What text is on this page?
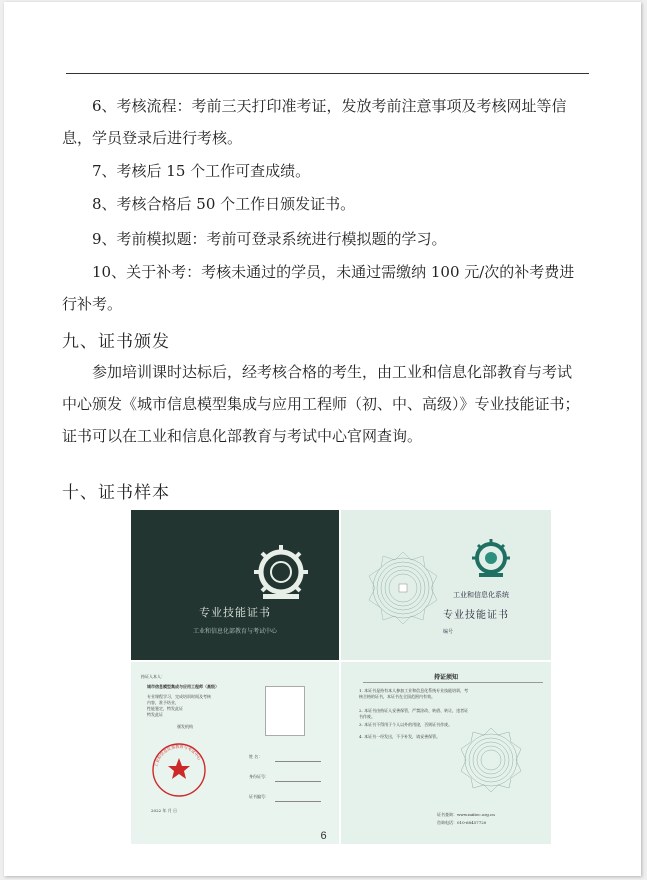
6、考核流程：考前三天打印准考证，发放考前注意事项及考核网址等信息，学员登录后进行考核。
7、考核后 15 个工作可查成绩。
8、考核合格后 50 个工作日颁发证书。
9、考前模拟题：考前可登录系统进行模拟题的学习。
10、关于补考：考核未通过的学员，未通过需缴纳 100 元/次的补考费进行补考。
九、证书颁发
参加培训课时达标后，经考核合格的考生，由工业和信息化部教育与考试中心颁发《城市信息模型集成与应用工程师（初、中、高级）》专业技能证书；证书可以在工业和信息化部教育与考试中心官网查询。
十、证书样本
专业技能证书
工业和信息化部教育与考试中心
工业和信息化系统
专业技能证书
编号
持证人本人：
城市信息模型集成与应用工程师（高级）
专业课程学习，完成培训时间及考核
内容，准予结业，
性能鉴定，特发此证
特发此证
颁发机构
工业和信息化部教育与考试中心
2022 年 月 日
姓 名：
身份证号：
证书编号：
持证须知
1. 本证书是持有本人参加工业和信息化系统专业技能培训，考核合格的证书，本证书在全国范围内有效。
2. 本证书由持证人妥善保管，严禁涂改、转借、转让，违者证书作废。
3. 本证书不得用于个人以外的用途，否则证书作废。
4. 本证书一经发出，不予补发，请妥善保管。
证书查询：www.miitec.org.cn
咨询电话：010-68457720
6
